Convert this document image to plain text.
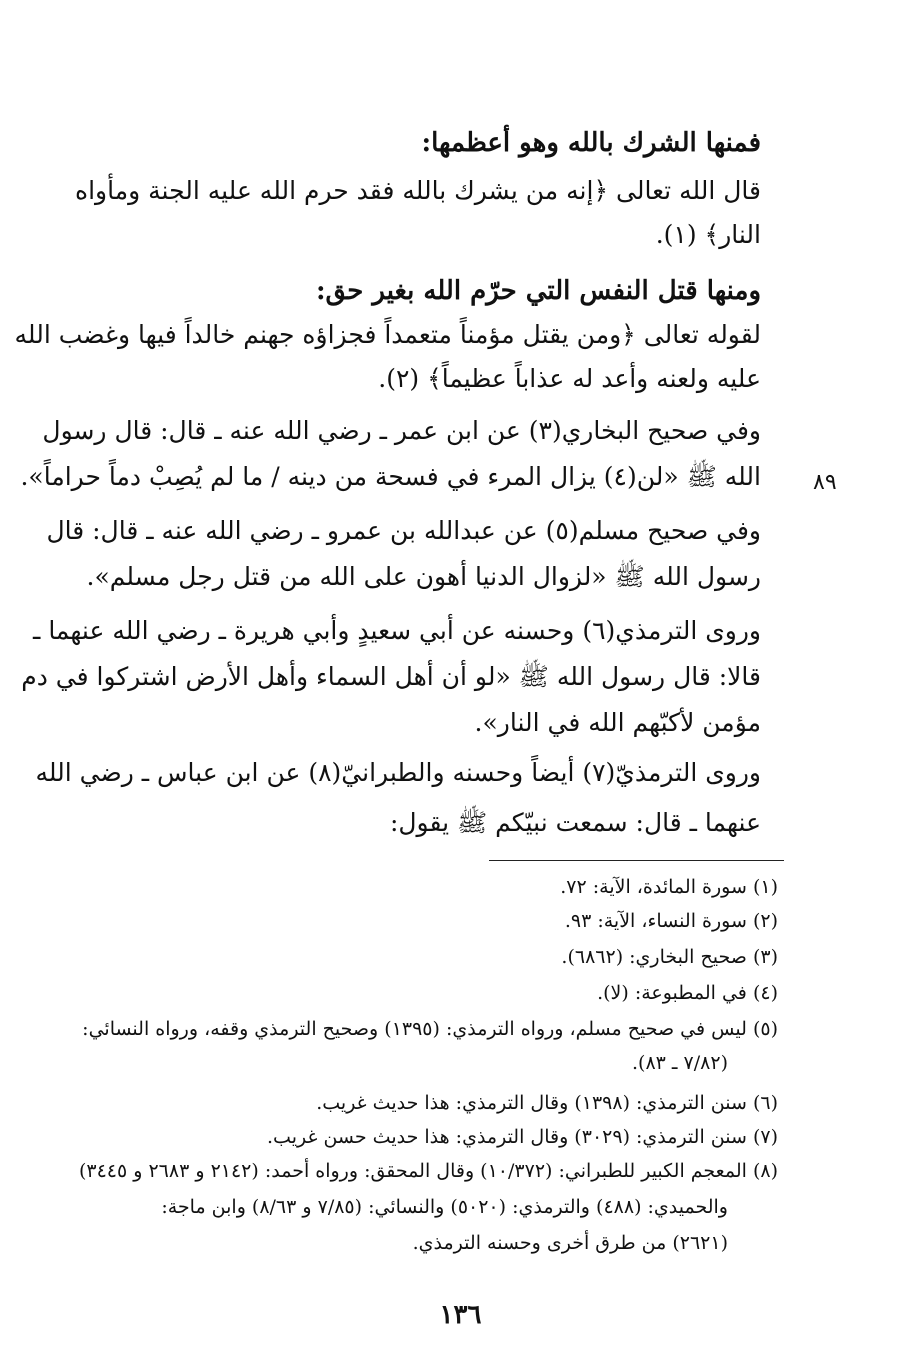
فمنها الشرك بالله وهو أعظمها:
قال الله تعالى ﴿إنه من يشرك بالله فقد حرم الله عليه الجنة ومأواه
النار﴾ (١).
ومنها قتل النفس التي حرّم الله بغير حق:
لقوله تعالى ﴿ومن يقتل مؤمناً متعمداً فجزاؤه جهنم خالداً فيها وغضب الله
عليه ولعنه وأعد له عذاباً عظيماً﴾ (٢).
وفي صحيح البخاري(٣) عن ابن عمر ـ رضي الله عنه ـ قال: قال رسول
الله ﷺ «لن(٤) يزال المرء في فسحة من دينه / ما لم يُصِبْ دماً حراماً». ٨٩
وفي صحيح مسلم(٥) عن عبدالله بن عمرو ـ رضي الله عنه ـ قال: قال
رسول الله ﷺ «لزوال الدنيا أهون على الله من قتل رجل مسلم».
وروى الترمذي(٦) وحسنه عن أبي سعيدٍ وأبي هريرة ـ رضي الله عنهما ـ
قالا: قال رسول الله ﷺ «لو أن أهل السماء وأهل الأرض اشتركوا في دم
مؤمن لأكبّهم الله في النار».
وروى الترمذيّ(٧) أيضاً وحسنه والطبرانيّ(٨) عن ابن عباس ـ رضي الله
عنهما ـ قال: سمعت نبيّكم ﷺ يقول:
(١) سورة المائدة، الآية: ٧٢.
(٢) سورة النساء، الآية: ٩٣.
(٣) صحيح البخاري: (٦٨٦٢).
(٤) في المطبوعة: (لا).
(٥) ليس في صحيح مسلم، ورواه الترمذي: (١٣٩٥) وصحيح الترمذي وقفه، ورواه النسائي:
(٧/٨٢ ـ ٨٣).
(٦) سنن الترمذي: (١٣٩٨) وقال الترمذي: هذا حديث غريب.
(٧) سنن الترمذي: (٣٠٢٩) وقال الترمذي: هذا حديث حسن غريب.
(٨) المعجم الكبير للطبراني: (١٠/٣٧٢) وقال المحقق: ورواه أحمد: (٢١٤٢ و ٢٦٨٣ و ٣٤٤٥)
والحميدي: (٤٨٨) والترمذي: (٥٠٢٠) والنسائي: (٧/٨٥ و ٨/٦٣) وابن ماجة:
(٢٦٢١) من طرق أخرى وحسنه الترمذي.
١٣٦
